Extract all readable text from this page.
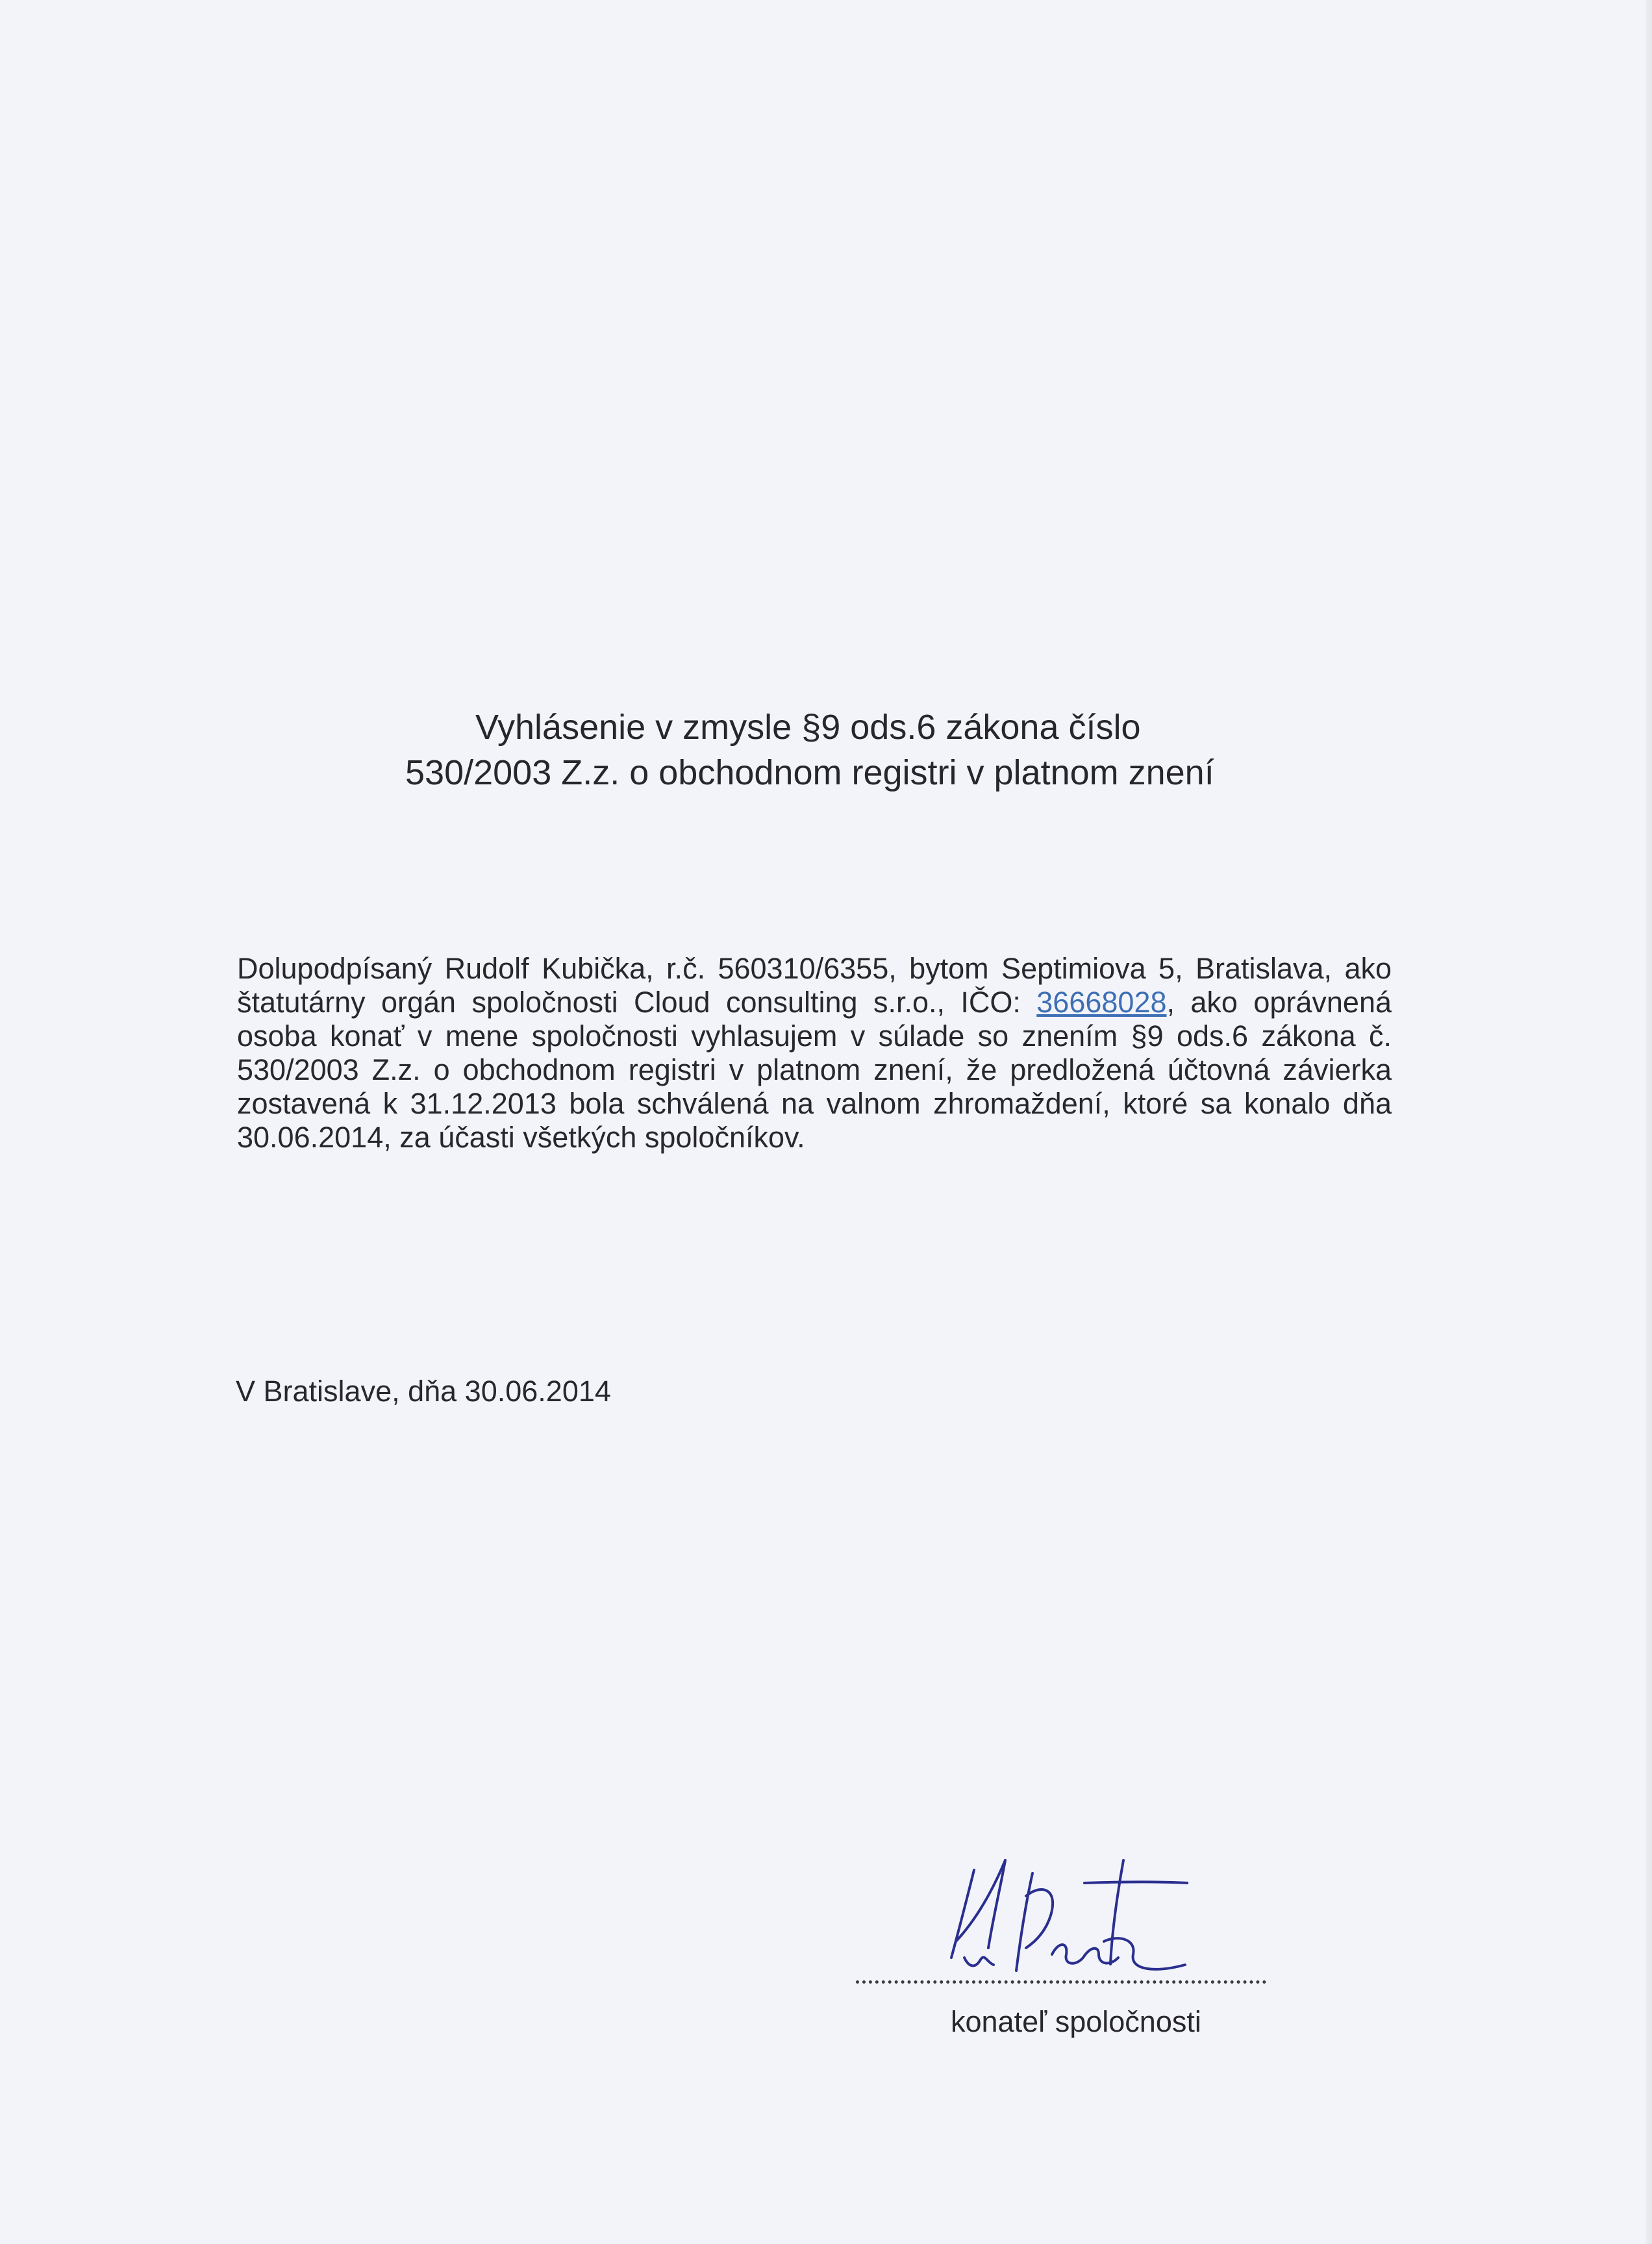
Vyhlásenie v zmysle §9 ods.6 zákona číslo
530/2003 Z.z. o obchodnom registri v platnom znení
Dolupodpísaný Rudolf Kubička, r.č. 560310/6355, bytom Septimiova 5, Bratislava, ako štatutárny orgán spoločnosti Cloud consulting s.r.o., IČO: 36668028, ako oprávnená osoba konať v mene spoločnosti vyhlasujem v súlade so znením §9 ods.6 zákona č. 530/2003 Z.z. o obchodnom registri v platnom znení, že predložená účtovná závierka zostavená k 31.12.2013 bola schválená na valnom zhromaždení, ktoré sa konalo dňa 30.06.2014, za účasti všetkých spoločníkov.
V Bratislave, dňa 30.06.2014
konateľ spoločnosti
